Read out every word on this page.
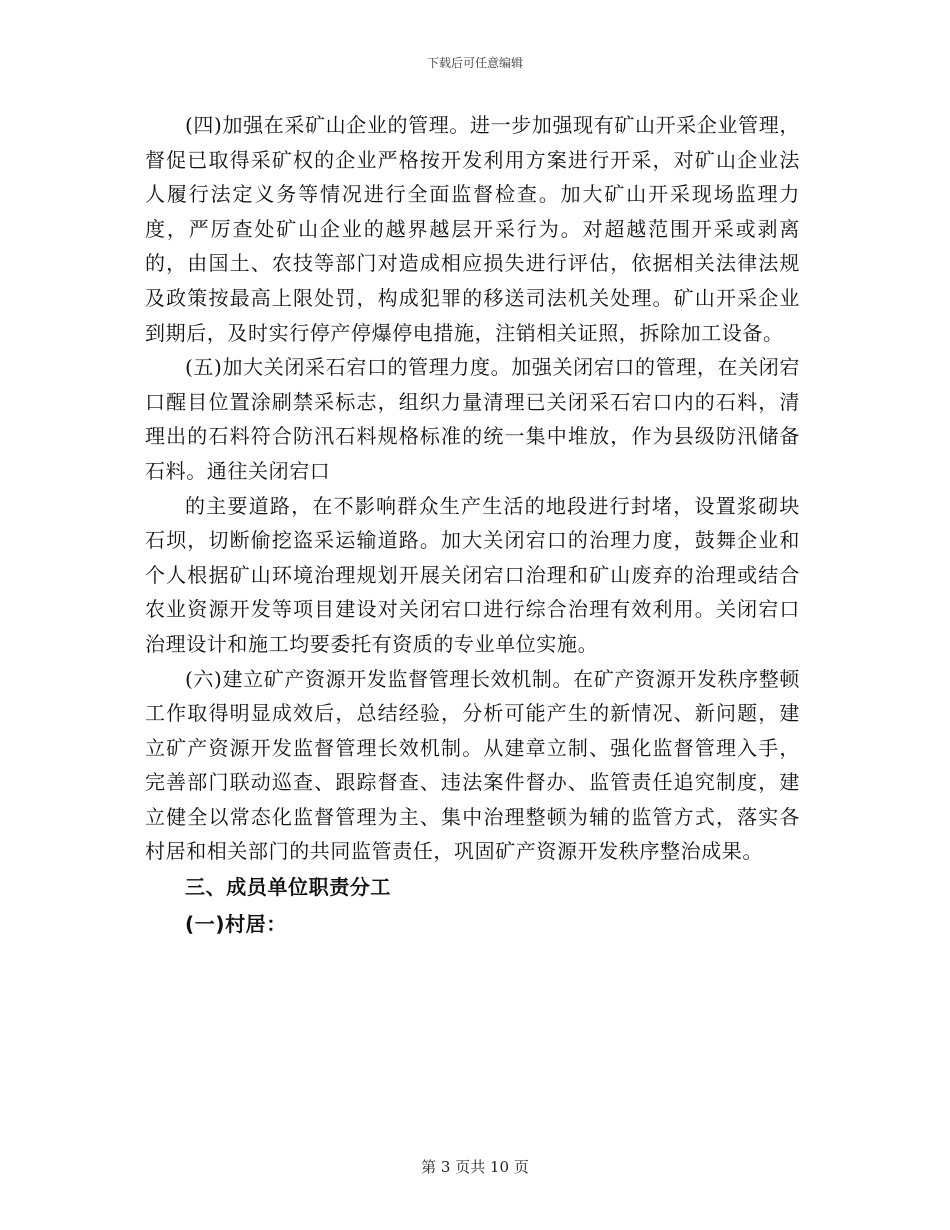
下载后可任意编辑

(四)加强在采矿山企业的管理。进一步加强现有矿山开采企业管理，督促已取得采矿权的企业严格按开发利用方案进行开采，对矿山企业法人履行法定义务等情况进行全面监督检查。加大矿山开采现场监理力度，严厉查处矿山企业的越界越层开采行为。对超越范围开采或剥离的，由国土、农技等部门对造成相应损失进行评估，依据相关法律法规及政策按最高上限处罚，构成犯罪的移送司法机关处理。矿山开采企业到期后，及时实行停产停爆停电措施，注销相关证照，拆除加工设备。

(五)加大关闭采石宕口的管理力度。加强关闭宕口的管理，在关闭宕口醒目位置涂刷禁采标志，组织力量清理已关闭采石宕口内的石料，清理出的石料符合防汛石料规格标准的统一集中堆放，作为县级防汛储备石料。通往关闭宕口

的主要道路，在不影响群众生产生活的地段进行封堵，设置浆砌块石坝，切断偷挖盗采运输道路。加大关闭宕口的治理力度，鼓舞企业和个人根据矿山环境治理规划开展关闭宕口治理和矿山废弃的治理或结合农业资源开发等项目建设对关闭宕口进行综合治理有效利用。关闭宕口治理设计和施工均要委托有资质的专业单位实施。

(六)建立矿产资源开发监督管理长效机制。在矿产资源开发秩序整顿工作取得明显成效后，总结经验，分析可能产生的新情况、新问题，建立矿产资源开发监督管理长效机制。从建章立制、强化监督管理入手，完善部门联动巡查、跟踪督查、违法案件督办、监管责任追究制度，建立健全以常态化监督管理为主、集中治理整顿为辅的监管方式，落实各村居和相关部门的共同监管责任，巩固矿产资源开发秩序整治成果。

三、成员单位职责分工

(一)村居：

第 3 页共 10 页
